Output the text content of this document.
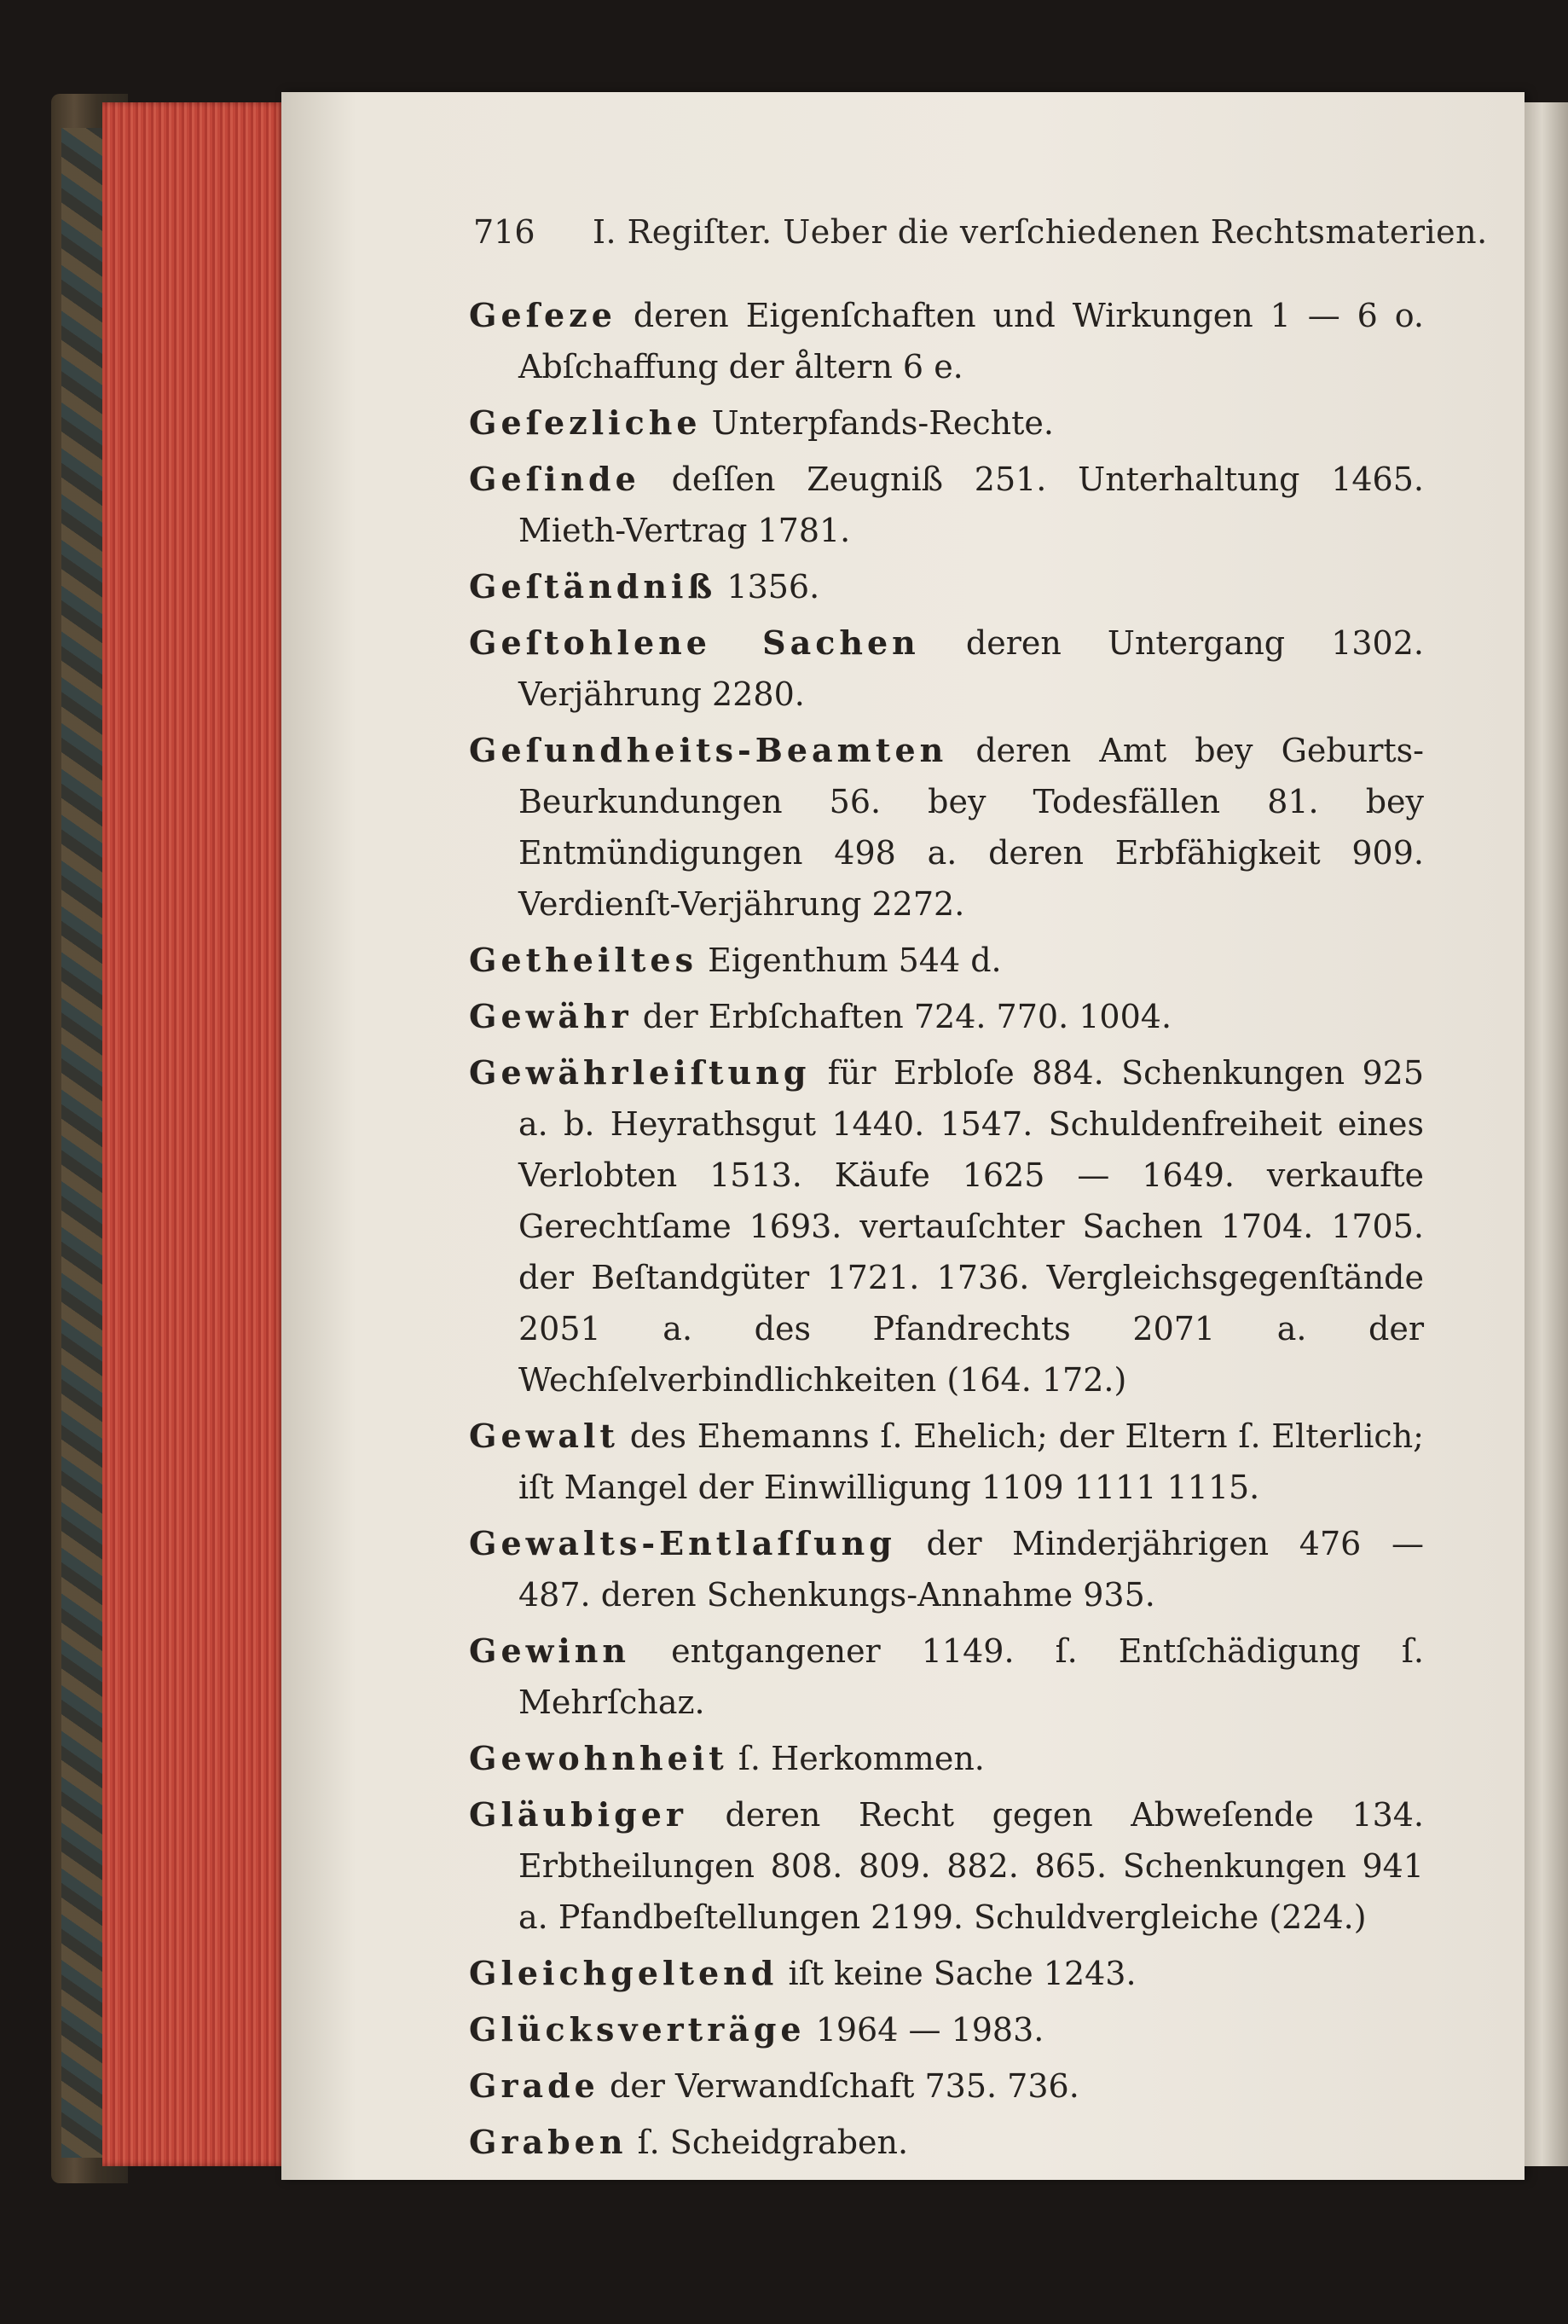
716 I. Regiſter. Ueber die verſchiedenen Rechtsmaterien.
Geſeze deren Eigenſchaften und Wirkungen 1 — 6 o. Abſchaffung der åltern 6 e.
Geſezliche Unterpfands-Rechte.
Geſinde deſſen Zeugniß 251. Unterhaltung 1465. Mieth-Vertrag 1781.
Geſtändniß 1356.
Geſtohlene Sachen deren Untergang 1302. Verjährung 2280.
Geſundheits-Beamten deren Amt bey Geburts-Beurkundungen 56. bey Todesfällen 81. bey Entmündigungen 498 a. deren Erbfähigkeit 909. Verdienſt-Verjährung 2272.
Getheiltes Eigenthum 544 d.
Gewähr der Erbſchaften 724. 770. 1004.
Gewährleiſtung für Erbloſe 884. Schenkungen 925 a. b. Heyrathsgut 1440. 1547. Schuldenfreiheit eines Verlobten 1513. Käufe 1625 — 1649. verkaufte Gerechtſame 1693. vertauſchter Sachen 1704. 1705. der Beſtandgüter 1721. 1736. Vergleichsgegenſtände 2051 a. des Pfandrechts 2071 a. der Wechſelverbindlichkeiten (164. 172.)
Gewalt des Ehemanns ſ. Ehelich; der Eltern ſ. Elterlich; iſt Mangel der Einwilligung 1109 1111 1115.
Gewalts-Entlaſſung der Minderjährigen 476 — 487. deren Schenkungs-Annahme 935.
Gewinn entgangener 1149. ſ. Entſchädigung ſ. Mehrſchaz.
Gewohnheit ſ. Herkommen.
Gläubiger deren Recht gegen Abweſende 134. Erbtheilungen 808. 809. 882. 865. Schenkungen 941 a. Pfandbeſtellungen 2199. Schuldvergleiche (224.)
Gleichgeltend iſt keine Sache 1243.
Glücksverträge 1964 — 1983.
Grade der Verwandſchaft 735. 736.
Graben ſ. Scheidgraben.
